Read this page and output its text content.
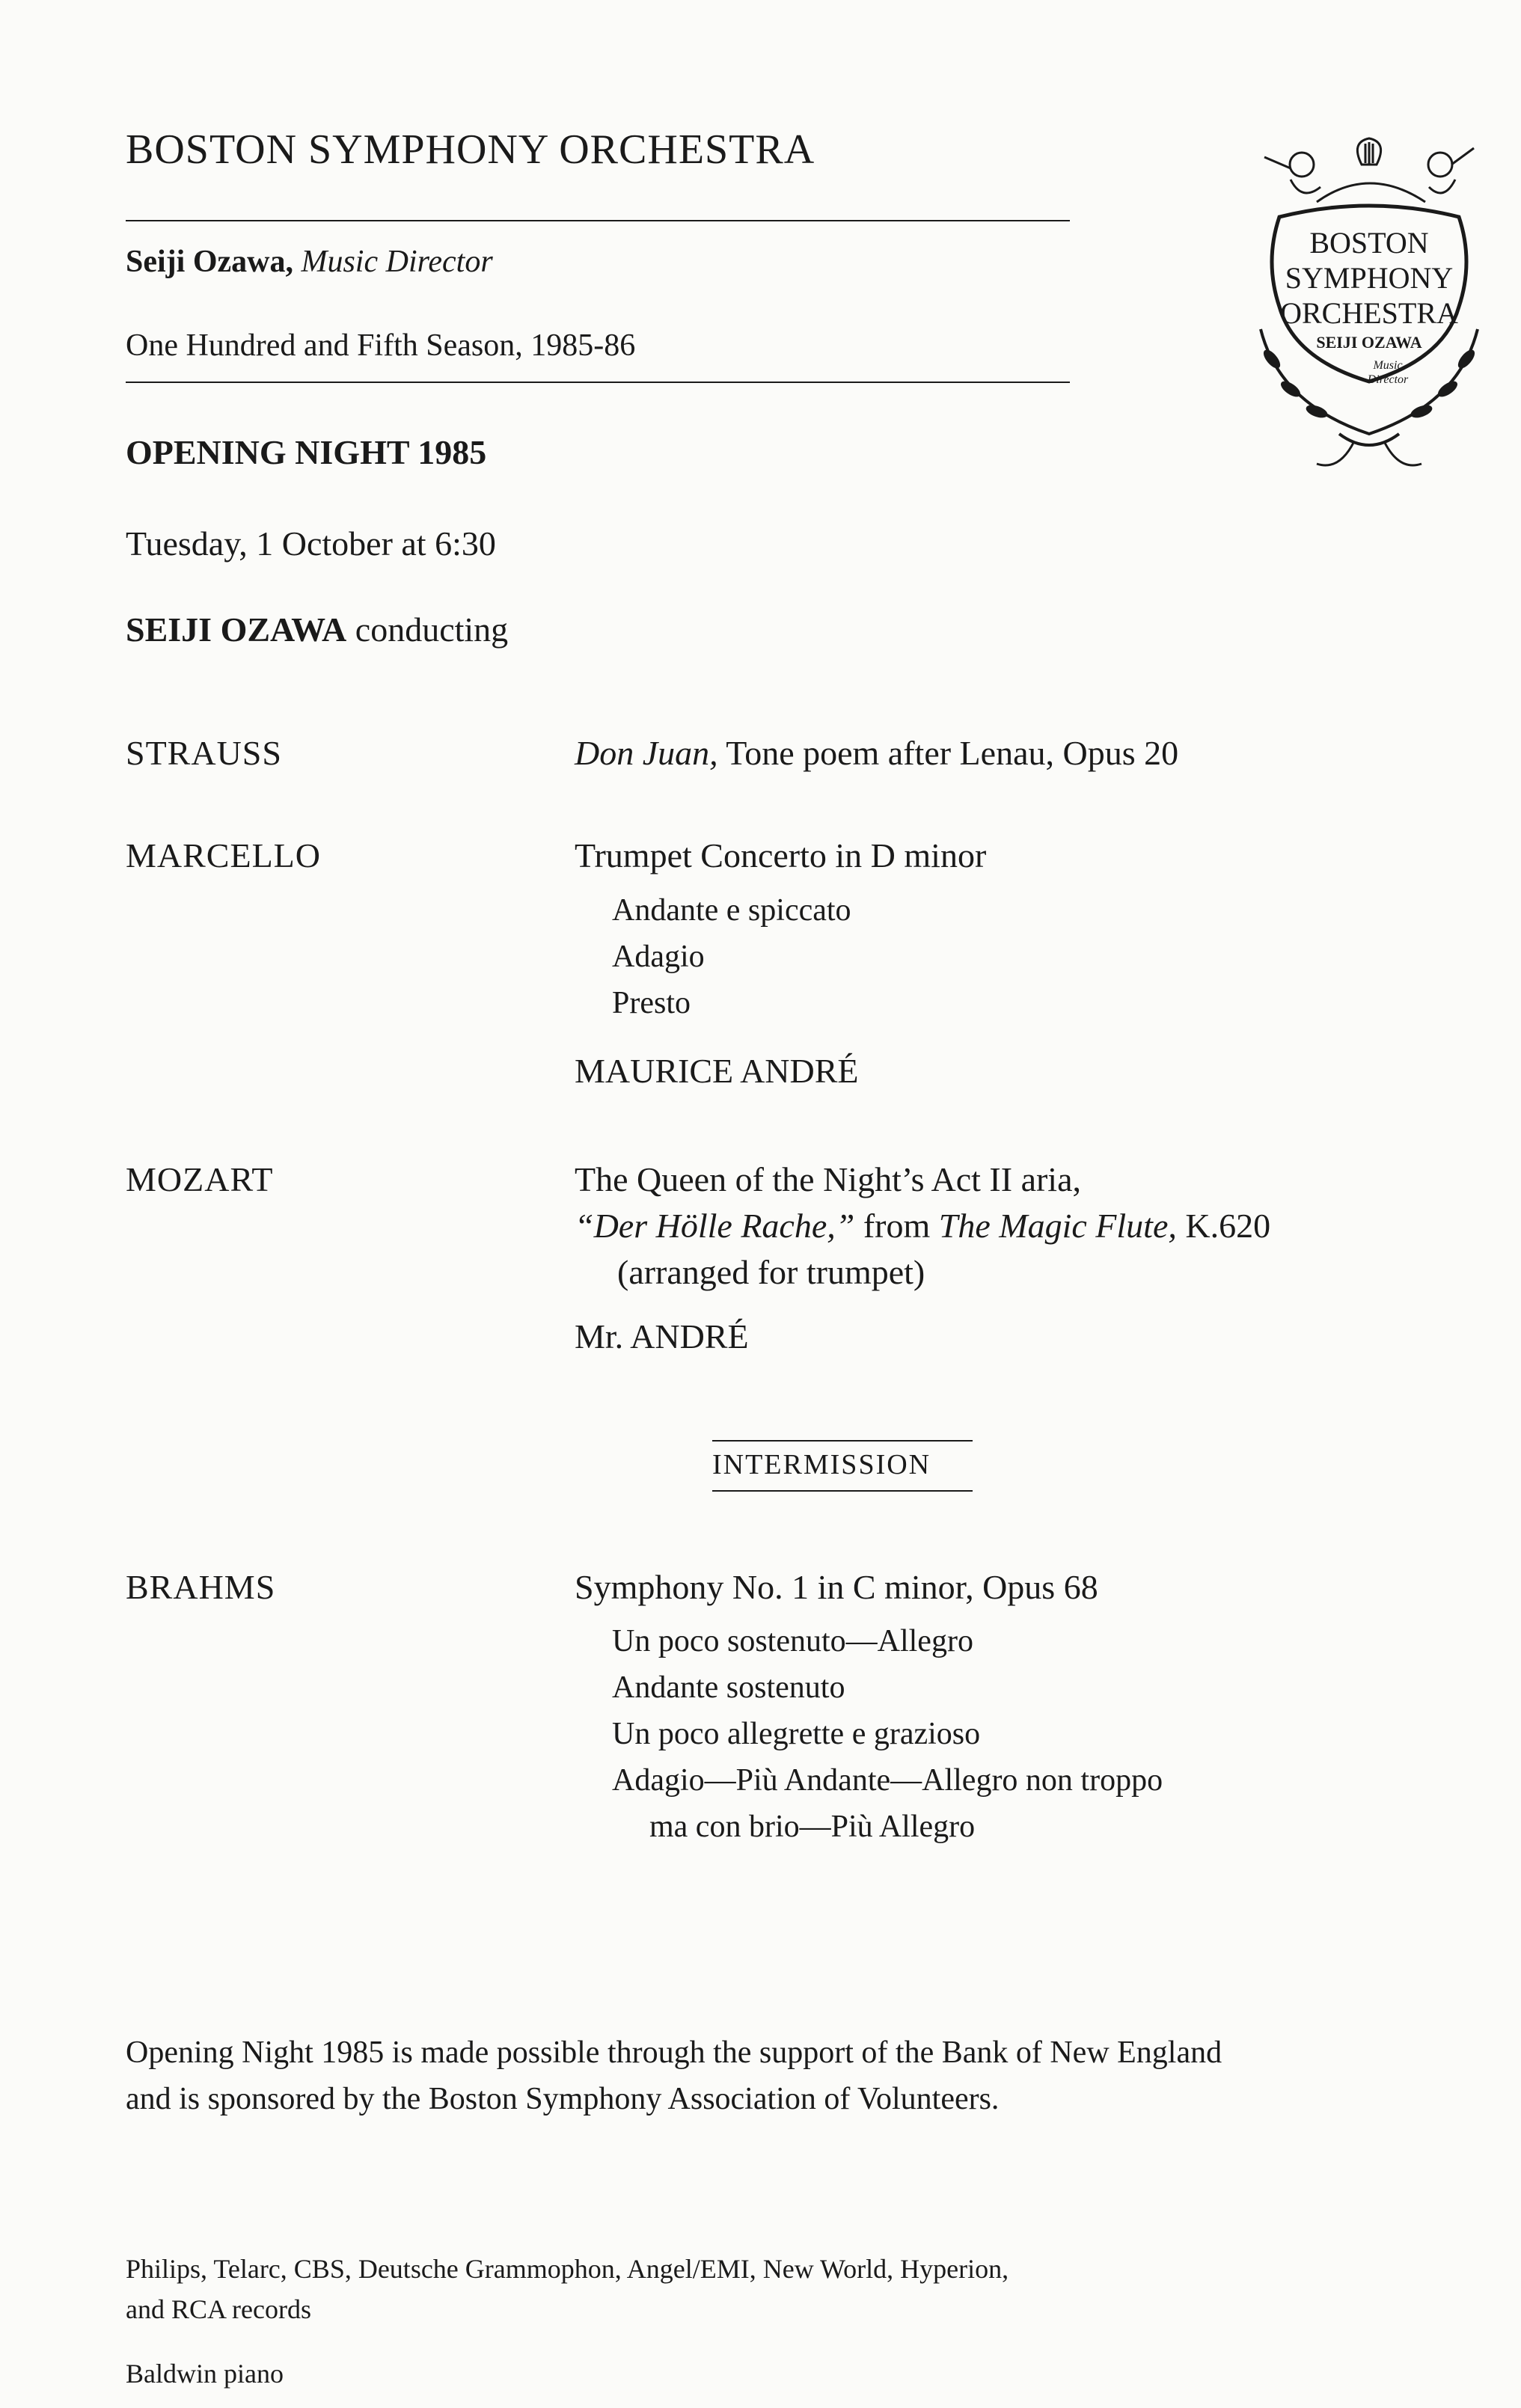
BOSTON SYMPHONY ORCHESTRA
Seiji Ozawa, Music Director
One Hundred and Fifth Season, 1985-86
BOSTON
SYMPHONY
ORCHESTRA
SEIJI OZAWA
Music
Director
OPENING NIGHT 1985
Tuesday, 1 October at 6:30
SEIJI OZAWA conducting
STRAUSS	Don Juan, Tone poem after Lenau, Opus 20
MARCELLO	Trumpet Concerto in D minor
Andante e spiccato
Adagio
Presto
MAURICE ANDRÉ
MOZART	The Queen of the Night’s Act II aria,
“Der Hölle Rache,” from The Magic Flute, K.620
(arranged for trumpet)
Mr. ANDRÉ
INTERMISSION
BRAHMS	Symphony No. 1 in C minor, Opus 68
Un poco sostenuto—Allegro
Andante sostenuto
Un poco allegrette e grazioso
Adagio—Più Andante—Allegro non troppo
ma con brio—Più Allegro
Opening Night 1985 is made possible through the support of the Bank of New England
and is sponsored by the Boston Symphony Association of Volunteers.
Philips, Telarc, CBS, Deutsche Grammophon, Angel/EMI, New World, Hyperion,
and RCA records
Baldwin piano
